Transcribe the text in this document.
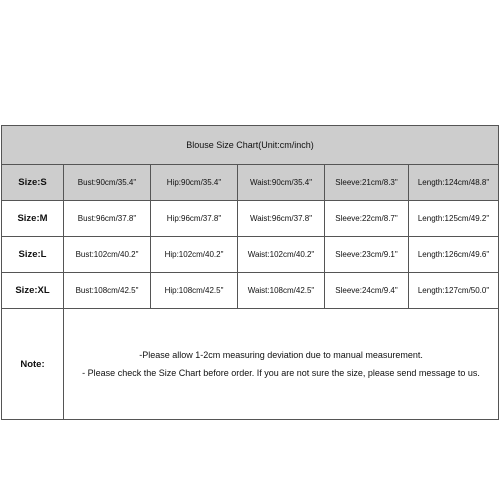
Blouse Size Chart(Unit:cm/inch)					
Size:S	Bust:90cm/35.4"	Hip:90cm/35.4"	Waist:90cm/35.4"	Sleeve:21cm/8.3"	Length:124cm/48.8"
Size:M	Bust:96cm/37.8"	Hip:96cm/37.8"	Waist:96cm/37.8"	Sleeve:22cm/8.7"	Length:125cm/49.2"
Size:L	Bust:102cm/40.2"	Hip:102cm/40.2"	Waist:102cm/40.2"	Sleeve:23cm/9.1"	Length:126cm/49.6"
Size:XL	Bust:108cm/42.5"	Hip:108cm/42.5"	Waist:108cm/42.5"	Sleeve:24cm/9.4"	Length:127cm/50.0"
Note:	-Please allow 1-2cm measuring deviation due to manual measurement.
- Please check the Size Chart before order. If you are not sure the size, please send message to us.				
